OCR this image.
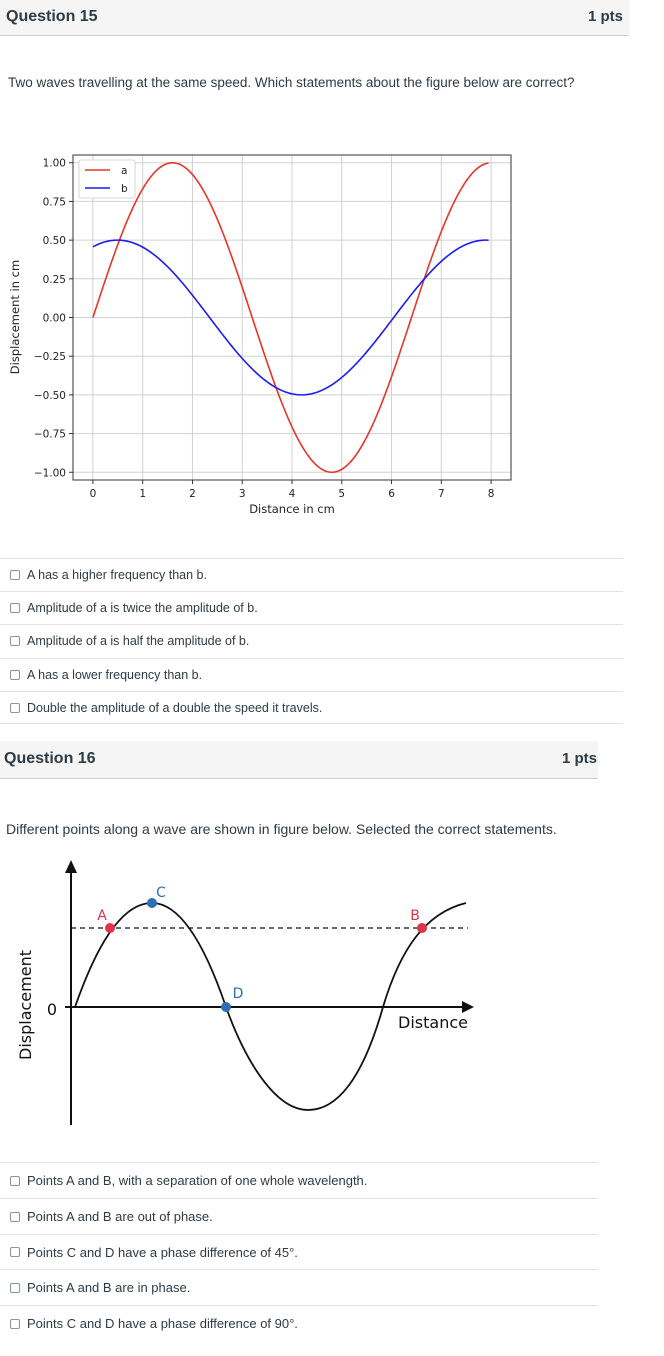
Question 15	1 pts
Two waves travelling at the same speed. Which statements about the figure below are correct?
0	1	2	3	4	5	6	7	8
1.00
0.75
0.50
0.25
0.00
−0.25
−0.50
−0.75
−1.00
Distance in cm
Displacement in cm
a
b
A has a higher frequency than b.
Amplitude of a is twice the amplitude of b.
Amplitude of a is half the amplitude of b.
A has a lower frequency than b.
Double the amplitude of a double the speed it travels.
Question 16	1 pts
Different points along a wave are shown in figure below. Selected the correct statements.
0
Displacement	Distance
A	B
C
D
Points A and B, with a separation of one whole wavelength.
Points A and B are out of phase.
Points C and D have a phase difference of 45°.
Points A and B are in phase.
Points C and D have a phase difference of 90°.
